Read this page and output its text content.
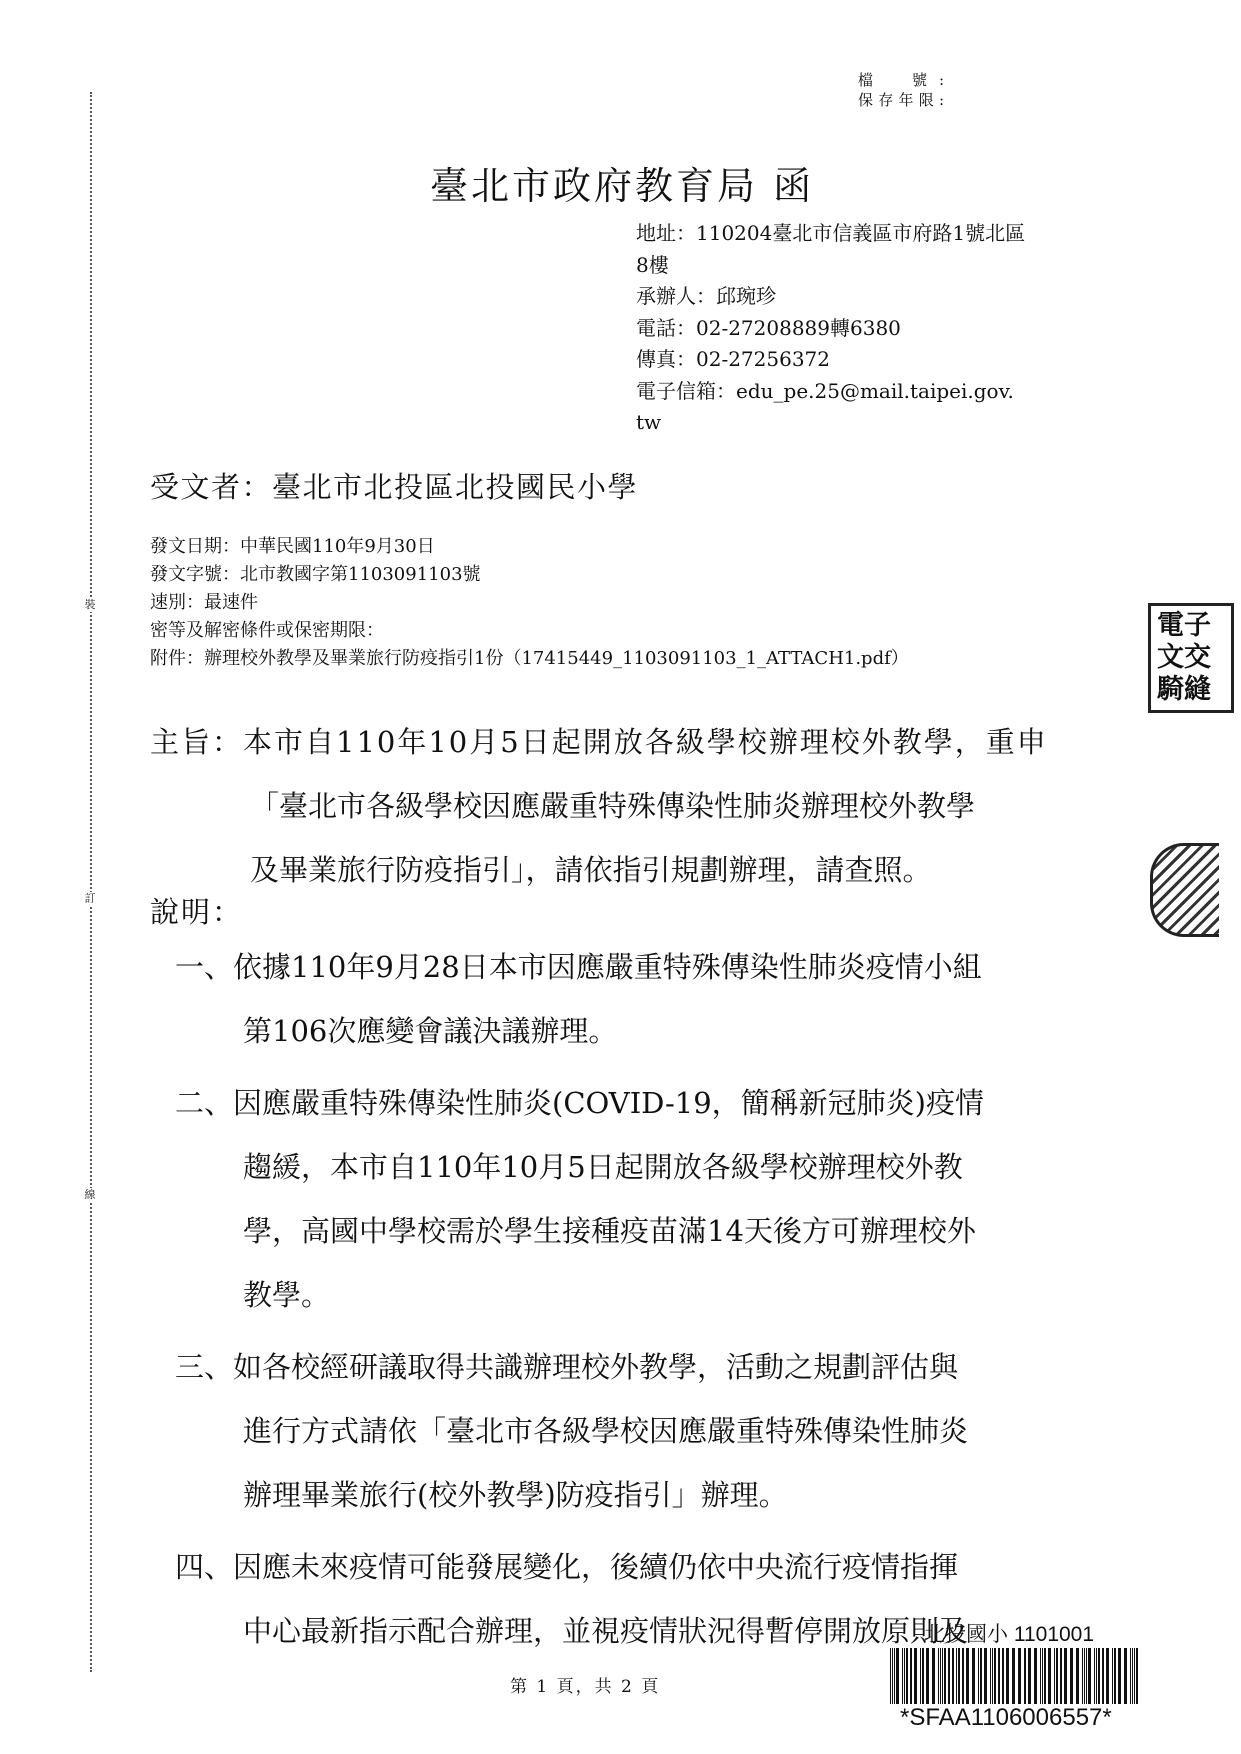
裝
訂
線
檔　號:
保存年限:
臺北市政府教育局 函
地址：110204臺北市信義區市府路1號北區
8樓
承辦人：邱琬珍
電話：02-27208889轉6380
傳真：02-27256372
電子信箱：edu_pe.25@mail.taipei.gov.
tw
受文者：臺北市北投區北投國民小學
發文日期：中華民國110年9月30日
發文字號：北市教國字第1103091103號
速別：最速件
密等及解密條件或保密期限：
附件：辦理校外教學及畢業旅行防疫指引1份（17415449_1103091103_1_ATTACH1.pdf）
主旨：本市自110年10月5日起開放各級學校辦理校外教學，重申
「臺北市各級學校因應嚴重特殊傳染性肺炎辦理校外教學
及畢業旅行防疫指引」，請依指引規劃辦理，請查照。
說明：
一、依據110年9月28日本市因應嚴重特殊傳染性肺炎疫情小組
第106次應變會議決議辦理。
二、因應嚴重特殊傳染性肺炎(COVID-19，簡稱新冠肺炎)疫情
趨緩，本市自110年10月5日起開放各級學校辦理校外教
學，高國中學校需於學生接種疫苗滿14天後方可辦理校外
教學。
三、如各校經研議取得共識辦理校外教學，活動之規劃評估與
進行方式請依「臺北市各級學校因應嚴重特殊傳染性肺炎
辦理畢業旅行(校外教學)防疫指引」辦理。
四、因應未來疫情可能發展變化，後續仍依中央流行疫情指揮
中心最新指示配合辦理，並視疫情狀況得暫停開放原則及
電子文交騎縫
第 1 頁，共 2 頁
北投國小 1101001
*SFAA1106006557*
